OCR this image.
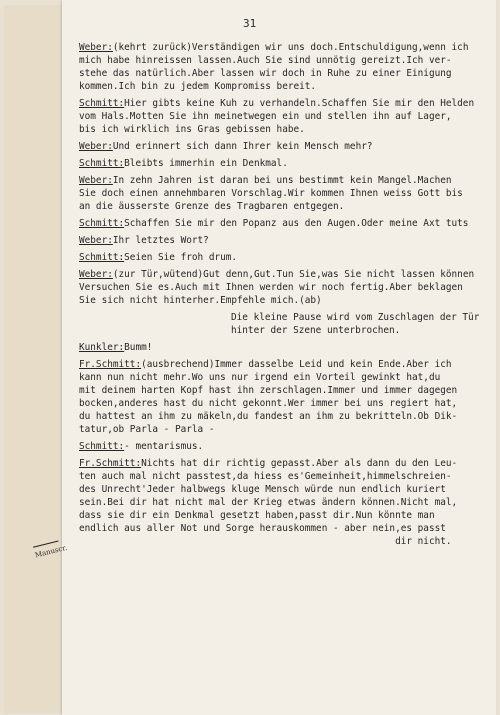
31
Manuscr.
Weber:(kehrt zurück)Verständigen wir uns doch.Entschuldigung,wenn ich
mich habe hinreissen lassen.Auch Sie sind unnötig gereizt.Ich ver-
stehe das natürlich.Aber lassen wir doch in Ruhe zu einer Einigung
kommen.Ich bin zu jedem Kompromiss bereit.
Schmitt:Hier gibts keine Kuh zu verhandeln.Schaffen Sie mir den Helden
vom Hals.Motten Sie ihn meinetwegen ein und stellen ihn auf Lager,
bis ich wirklich ins Gras gebissen habe.
Weber:Und erinnert sich dann Ihrer kein Mensch mehr?
Schmitt:Bleibts immerhin ein Denkmal.
Weber:In zehn Jahren ist daran bei uns bestimmt kein Mangel.Machen
Sie doch einen annehmbaren Vorschlag.Wir kommen Ihnen weiss Gott bis
an die äusserste Grenze des Tragbaren entgegen.
Schmitt:Schaffen Sie mir den Popanz aus den Augen.Oder meine Axt tuts
Weber:Ihr letztes Wort?
Schmitt:Seien Sie froh drum.
Weber:(zur Tür,wütend)Gut denn,Gut.Tun Sie,was Sie nicht lassen können
Versuchen Sie es.Auch mit Ihnen werden wir noch fertig.Aber beklagen
Sie sich nicht hinterher.Empfehle mich.(ab)
Die kleine Pause wird vom Zuschlagen der Tür
hinter der Szene unterbrochen.
Kunkler:Bumm!
Fr.Schmitt:(ausbrechend)Immer dasselbe Leid und kein Ende.Aber ich
kann nun nicht mehr.Wo uns nur irgend ein Vorteil gewinkt hat,du
mit deinem harten Kopf hast ihn zerschlagen.Immer und immer dagegen
bocken,anderes hast du nicht gekonnt.Wer immer bei uns regiert hat,
du hattest an ihm zu mäkeln,du fandest an ihm zu bekritteln.Ob Dik-
tatur,ob Parla - Parla -
Schmitt:- mentarismus.
Fr.Schmitt:Nichts hat dir richtig gepasst.Aber als dann du den Leu-
ten auch mal nicht passtest,da hiess es'Gemeinheit,himmelschreien-
des Unrecht'Jeder halbwegs kluge Mensch würde nun endlich kuriert
sein.Bei dir hat nicht mal der Krieg etwas ändern können.Nicht mal,
dass sie dir ein Denkmal gesetzt haben,passt dir.Nun könnte man
endlich aus aller Not und Sorge herauskommen - aber nein,es passt
dir nicht.
